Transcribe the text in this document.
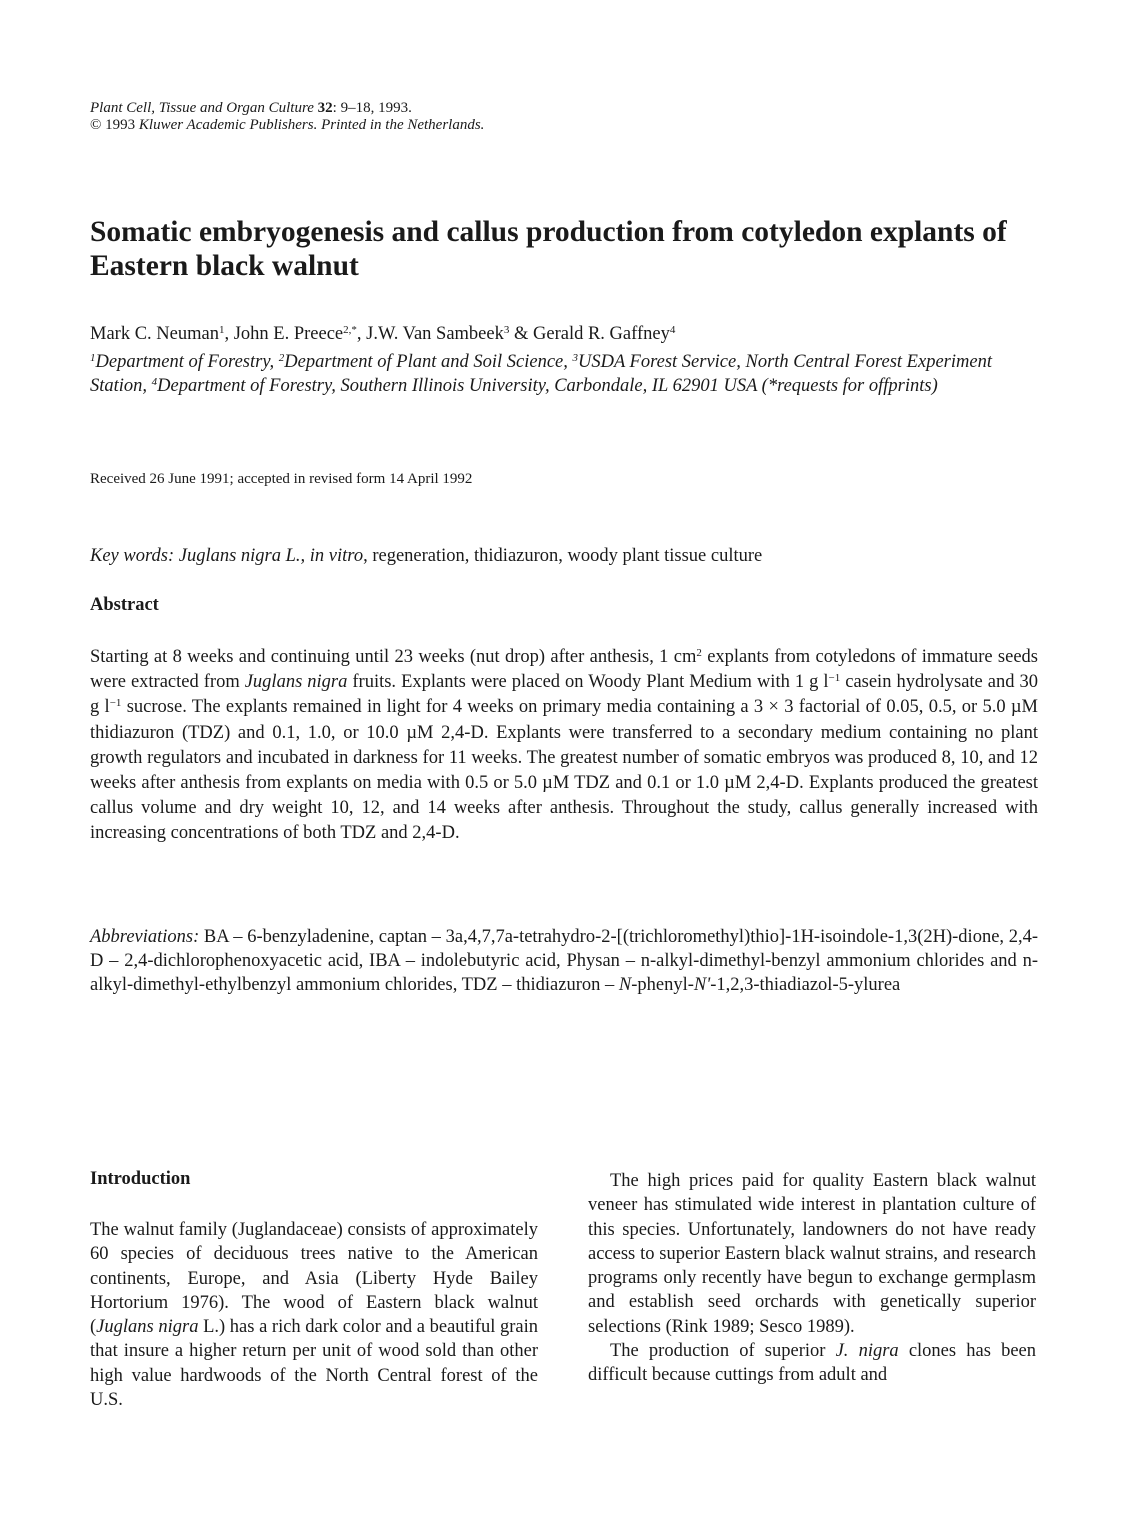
Plant Cell, Tissue and Organ Culture 32: 9–18, 1993.
© 1993 Kluwer Academic Publishers. Printed in the Netherlands.
Somatic embryogenesis and callus production from cotyledon explants of Eastern black walnut
Mark C. Neuman$^1$, John E. Preece$^{2,*}$, J.W. Van Sambeek$^3$ & Gerald R. Gaffney$^4$
$^1$Department of Forestry, $^2$Department of Plant and Soil Science, $^3$USDA Forest Service, North Central Forest Experiment Station, $^4$Department of Forestry, Southern Illinois University, Carbondale, IL 62901 USA (*requests for offprints)
Received 26 June 1991; accepted in revised form 14 April 1992
Key words: Juglans nigra L., in vitro, regeneration, thidiazuron, woody plant tissue culture
Abstract
Starting at 8 weeks and continuing until 23 weeks (nut drop) after anthesis, 1 $cm^2$ explants from cotyledons of immature seeds were extracted from Juglans nigra fruits. Explants were placed on Woody Plant Medium with 1 g $l^{-1}$ casein hydrolysate and 30 g $l^{-1}$ sucrose. The explants remained in light for 4 weeks on primary media containing a 3 × 3 factorial of 0.05, 0.5, or 5.0 µM thidiazuron (TDZ) and 0.1, 1.0, or 10.0 µM 2,4-D. Explants were transferred to a secondary medium containing no plant growth regulators and incubated in darkness for 11 weeks. The greatest number of somatic embryos was produced 8, 10, and 12 weeks after anthesis from explants on media with 0.5 or 5.0 µM TDZ and 0.1 or 1.0 µM 2,4-D. Explants produced the greatest callus volume and dry weight 10, 12, and 14 weeks after anthesis. Throughout the study, callus generally increased with increasing concentrations of both TDZ and 2,4-D.
Abbreviations: BA – 6-benzyladenine, captan – 3a,4,7,7a-tetrahydro-2-[(trichloromethyl)thio]-1H-isoindole-1,3(2H)-dione, 2,4-D – 2,4-dichlorophenoxyacetic acid, IBA – indolebutyric acid, Physan – n-alkyl-dimethyl-benzyl ammonium chlorides and n-alkyl-dimethyl-ethylbenzyl ammonium chlorides, TDZ – thidiazuron – N-phenyl-N'-1,2,3-thiadiazol-5-ylurea
Introduction

The walnut family (Juglandaceae) consists of approximately 60 species of deciduous trees native to the American continents, Europe, and Asia (Liberty Hyde Bailey Hortorium 1976). The wood of Eastern black walnut (Juglans nigra L.) has a rich dark color and a beautiful grain that insure a higher return per unit of wood sold than other high value hardwoods of the North Central forest of the U.S.

The high prices paid for quality Eastern black walnut veneer has stimulated wide interest in plantation culture of this species. Unfortunately, landowners do not have ready access to superior Eastern black walnut strains, and research programs only recently have begun to exchange germplasm and establish seed orchards with genetically superior selections (Rink 1989; Sesco 1989).

The production of superior J. nigra clones has been difficult because cuttings from adult and
